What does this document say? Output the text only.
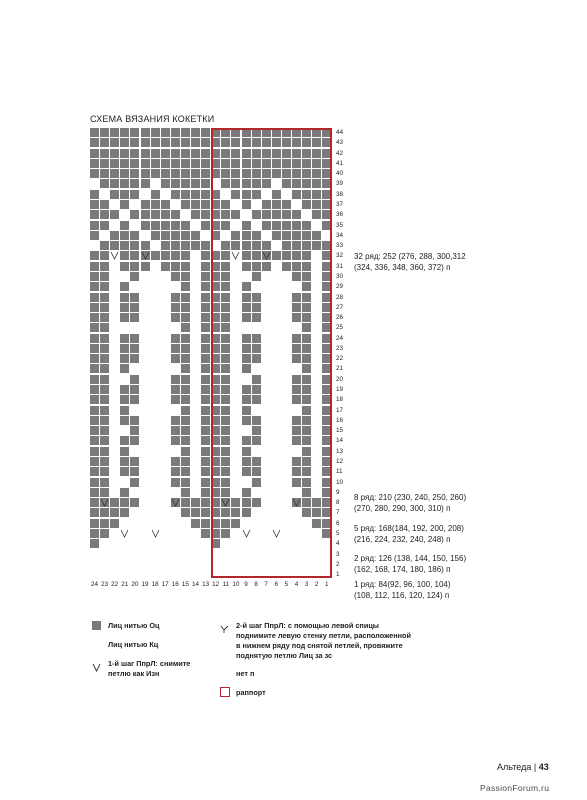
СХЕМА ВЯЗАНИЯ КОКЕТКИ
44
43
42
41
40
39
38
37
36
35
34
33
32
31
30
29
28
27
26
25
24
23
22
21
20
19
18
17
16
15
14
13
12
11
10
9
8
7
6
5
4
3
2
1
24 23 22 21 20 19 18 17 16 15 14 13 12 11 10 9	8	7	6	5	4	3	2	1
32 ряд: 252 (276, 288, 300,312
(324, 336, 348, 360, 372) п
8 ряд: 210 (230, 240, 250, 260)
(270, 280, 290, 300, 310) п
5 ряд: 168(184, 192, 200, 208)
(216, 224, 232, 240, 248) п
2 ряд: 126 (138, 144, 150, 156)
(162, 168, 174, 180, 186) п
1 ряд: 84(92, 96, 100, 104)
(108, 112, 116, 120, 124) п
Лиц нитью Оц
Лиц нитью Кц
1-й шаг ПпрЛ: снимите
петлю как Изн
2-й шаг ПпрЛ: с помощью левой спицы
поднимите левую стенку петли, расположенной
в нижнем ряду под снятой петлей, провяжите
поднятую петлю Лиц за зс
нет п
раппорт
Альтеда | 43
PassionForum.ru
